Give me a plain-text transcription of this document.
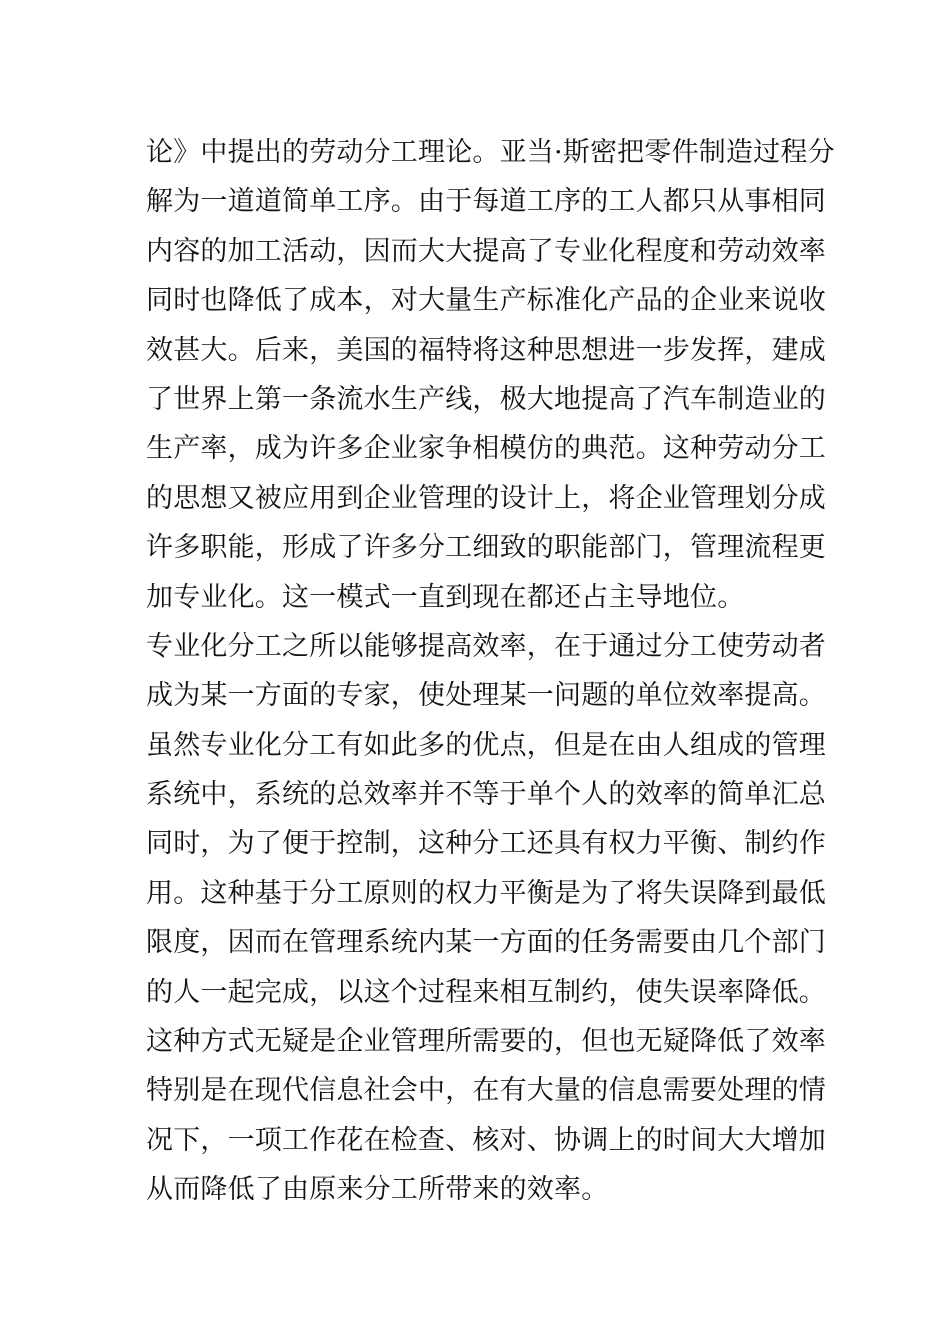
论》中提出的劳动分工理论。亚当·斯密把零件制造过程分
解为一道道简单工序。由于每道工序的工人都只从事相同
内容的加工活动，因而大大提高了专业化程度和劳动效率
同时也降低了成本，对大量生产标准化产品的企业来说收
效甚大。后来，美国的福特将这种思想进一步发挥，建成
了世界上第一条流水生产线，极大地提高了汽车制造业的
生产率，成为许多企业家争相模仿的典范。这种劳动分工
的思想又被应用到企业管理的设计上，将企业管理划分成
许多职能，形成了许多分工细致的职能部门，管理流程更
加专业化。这一模式一直到现在都还占主导地位。
专业化分工之所以能够提高效率，在于通过分工使劳动者
成为某一方面的专家，使处理某一问题的单位效率提高。
虽然专业化分工有如此多的优点，但是在由人组成的管理
系统中，系统的总效率并不等于单个人的效率的简单汇总
同时，为了便于控制，这种分工还具有权力平衡、制约作
用。这种基于分工原则的权力平衡是为了将失误降到最低
限度，因而在管理系统内某一方面的任务需要由几个部门
的人一起完成，以这个过程来相互制约，使失误率降低。
这种方式无疑是企业管理所需要的，但也无疑降低了效率
特别是在现代信息社会中，在有大量的信息需要处理的情
况下，一项工作花在检查、核对、协调上的时间大大增加
从而降低了由原来分工所带来的效率。
